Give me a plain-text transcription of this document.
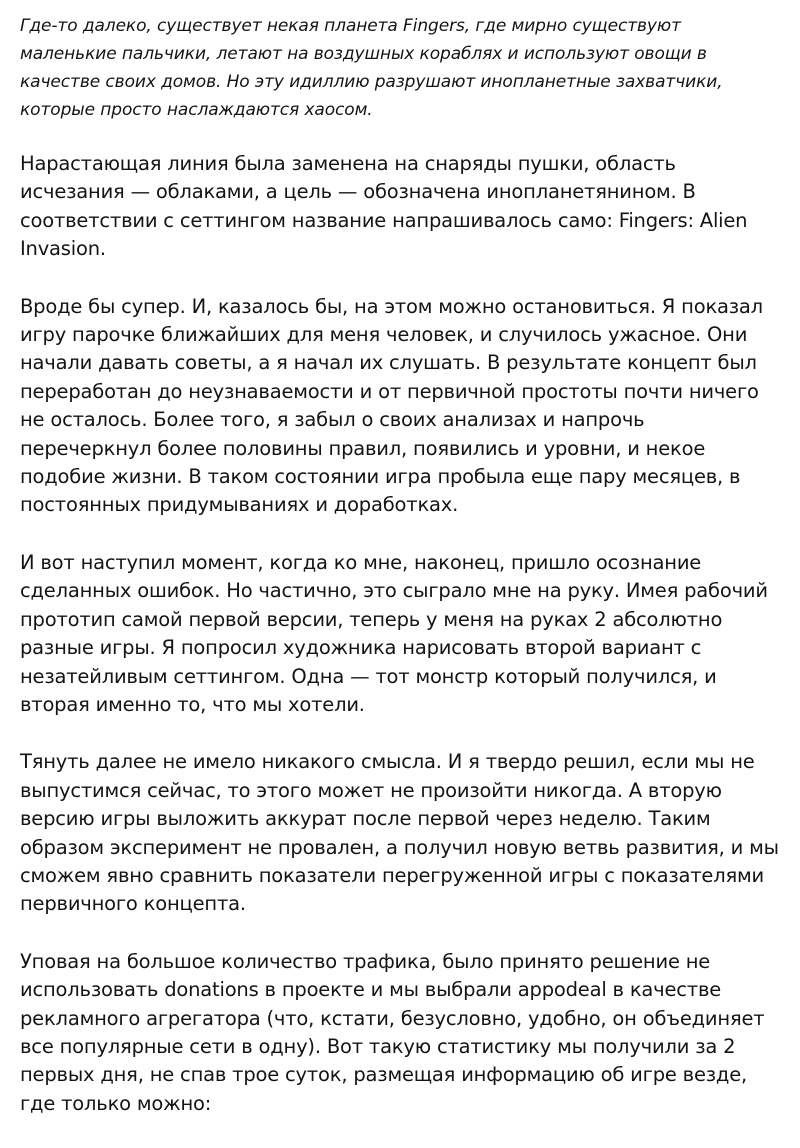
Где-то далеко, существует некая планета Fingers, где мирно существуют маленькие пальчики, летают на воздушных кораблях и используют овощи в качестве своих домов. Но эту идиллию разрушают инопланетные захватчики, которые просто наслаждаются хаосом.

Нарастающая линия была заменена на снаряды пушки, область исчезания — облаками, а цель — обозначена инопланетянином. В соответствии с сеттингом название напрашивалось само: Fingers: Alien Invasion.

Вроде бы супер. И, казалось бы, на этом можно остановиться. Я показал игру парочке ближайших для меня человек, и случилось ужасное. Они начали давать советы, а я начал их слушать. В результате концепт был переработан до неузнаваемости и от первичной простоты почти ничего не осталось. Более того, я забыл о своих анализах и напрочь перечеркнул более половины правил, появились и уровни, и некое подобие жизни. В таком состоянии игра пробыла еще пару месяцев, в постоянных придумываниях и доработках.

И вот наступил момент, когда ко мне, наконец, пришло осознание сделанных ошибок. Но частично, это сыграло мне на руку. Имея рабочий прототип самой первой версии, теперь у меня на руках 2 абсолютно разные игры. Я попросил художника нарисовать второй вариант с незатейливым сеттингом. Одна — тот монстр который получился, и вторая именно то, что мы хотели.

Тянуть далее не имело никакого смысла. И я твердо решил, если мы не выпустимся сейчас, то этого может не произойти никогда. А вторую версию игры выложить аккурат после первой через неделю. Таким образом эксперимент не провален, а получил новую ветвь развития, и мы сможем явно сравнить показатели перегруженной игры с показателями первичного концепта.

Уповая на большое количество трафика, было принято решение не использовать donations в проекте и мы выбрали appodeal в качестве рекламного агрегатора (что, кстати, безусловно, удобно, он объединяет все популярные сети в одну). Вот такую статистику мы получили за 2 первых дня, не спав трое суток, размещая информацию об игре везде, где только можно:
